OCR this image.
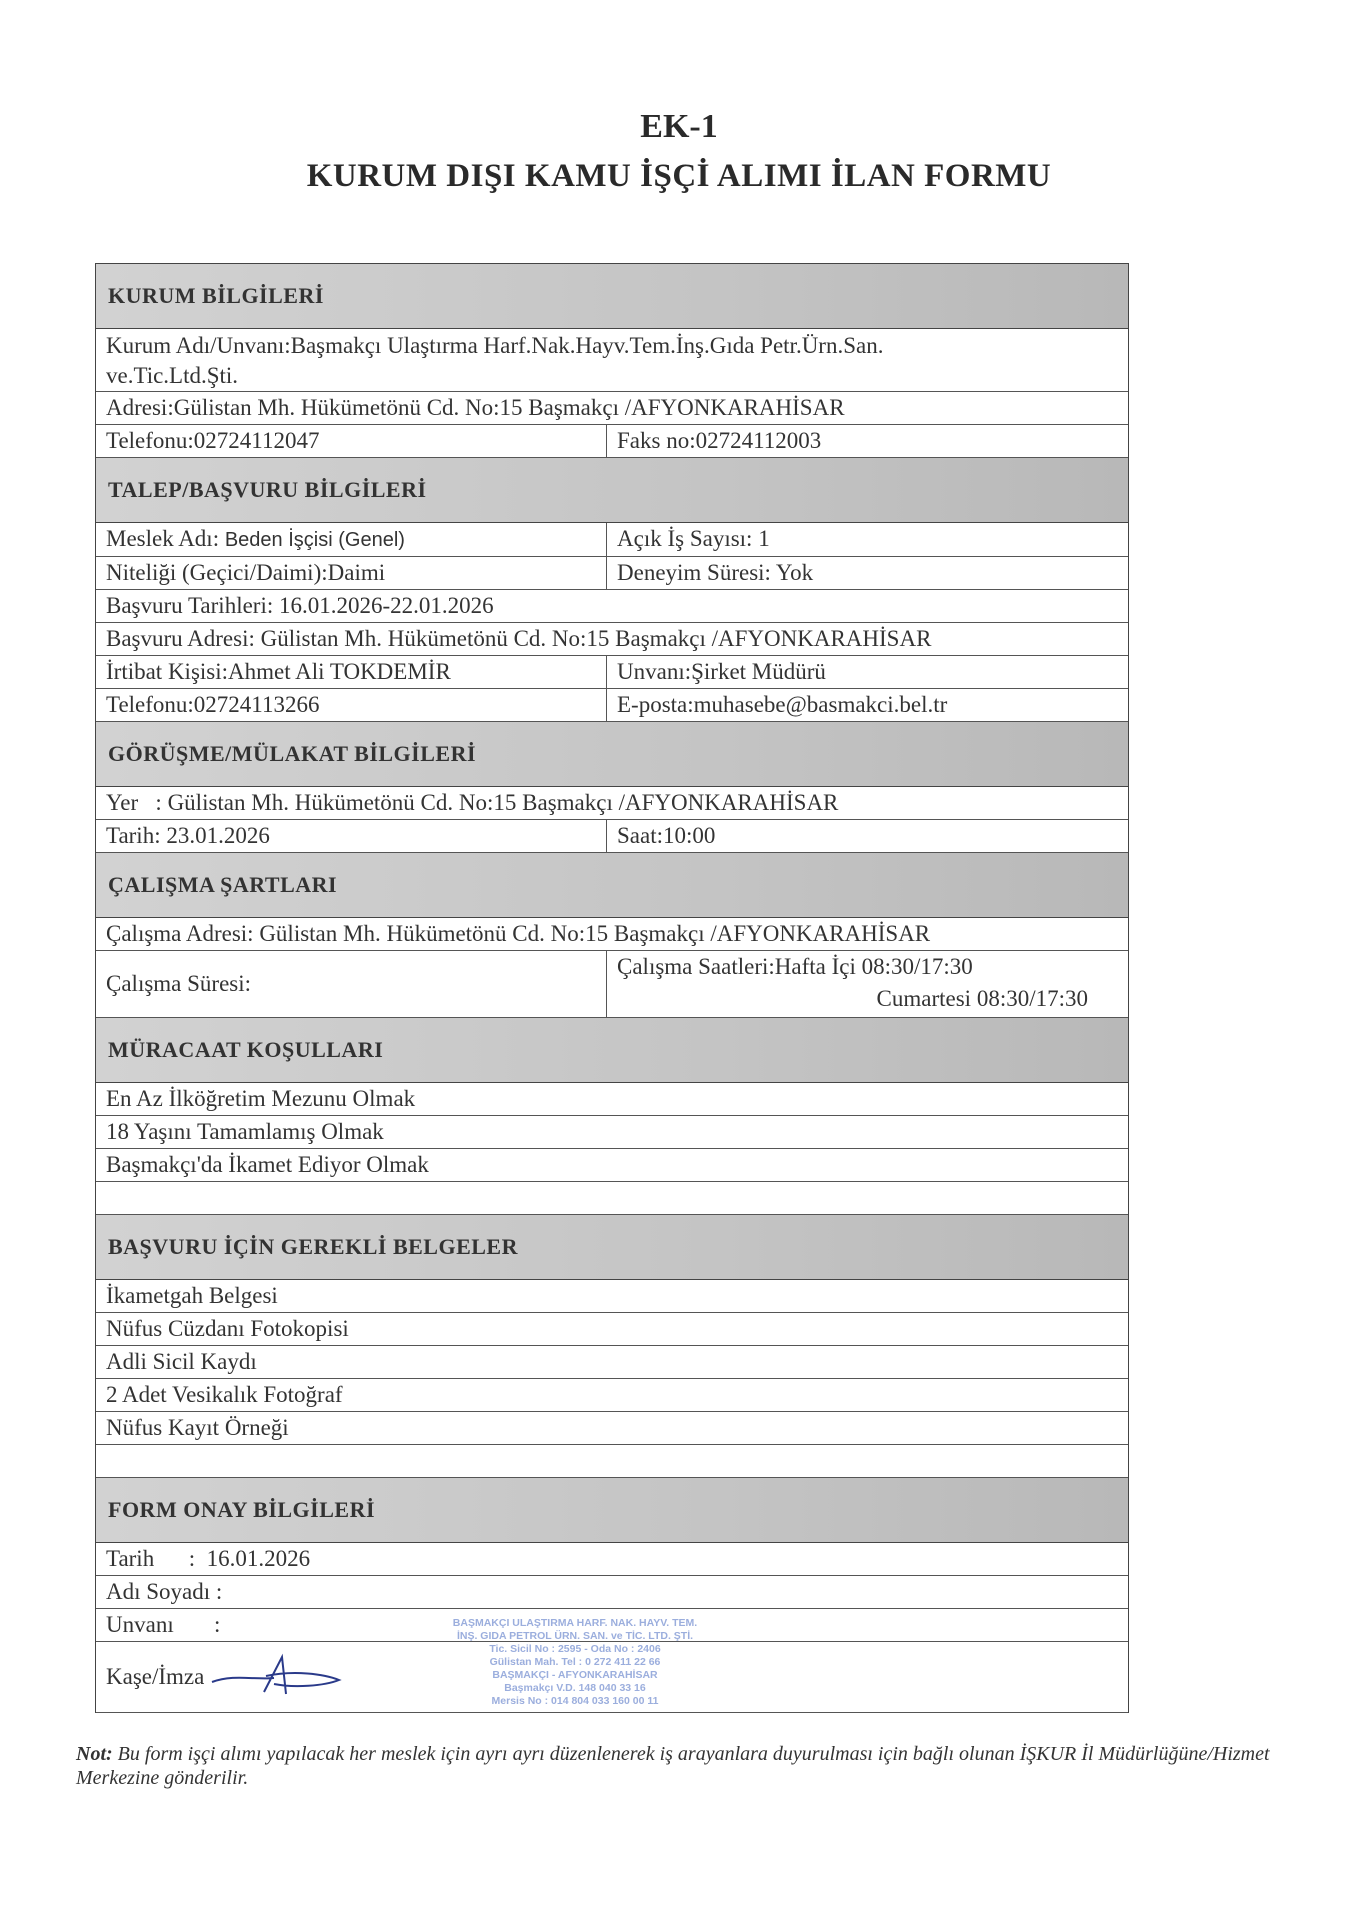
EK-1
KURUM DIŞI KAMU İŞÇİ ALIMI İLAN FORMU
KURUM BİLGİLERİ
Kurum Adı/Unvanı:Başmakçı Ulaştırma Harf.Nak.Hayv.Tem.İnş.Gıda Petr.Ürn.San.
ve.Tic.Ltd.Şti.
Adresi:Gülistan Mh. Hükümetönü Cd. No:15 Başmakçı /AFYONKARAHİSAR
Telefonu:02724112047	Faks no:02724112003
TALEP/BAŞVURU BİLGİLERİ
Meslek Adı: Beden İşçisi (Genel)	Açık İş Sayısı: 1
Niteliği (Geçici/Daimi):Daimi	Deneyim Süresi: Yok
Başvuru Tarihleri: 16.01.2026-22.01.2026
Başvuru Adresi: Gülistan Mh. Hükümetönü Cd. No:15 Başmakçı /AFYONKARAHİSAR
İrtibat Kişisi:Ahmet Ali TOKDEMİR	Unvanı:Şirket Müdürü
Telefonu:02724113266	E-posta:muhasebe@basmakci.bel.tr
GÖRÜŞME/MÜLAKAT BİLGİLERİ
Yer   : Gülistan Mh. Hükümetönü Cd. No:15 Başmakçı /AFYONKARAHİSAR
Tarih: 23.01.2026	Saat:10:00
ÇALIŞMA ŞARTLARI
Çalışma Adresi: Gülistan Mh. Hükümetönü Cd. No:15 Başmakçı /AFYONKARAHİSAR
Çalışma Süresi:
Çalışma Saatleri:Hafta İçi 08:30/17:30
Cumartesi 08:30/17:30
MÜRACAAT KOŞULLARI
En Az İlköğretim Mezunu Olmak
18 Yaşını Tamamlamış Olmak
Başmakçı'da İkamet Ediyor Olmak
BAŞVURU İÇİN GEREKLİ BELGELER
İkametgah Belgesi
Nüfus Cüzdanı Fotokopisi
Adli Sicil Kaydı
2 Adet Vesikalık Fotoğraf
Nüfus Kayıt Örneği
FORM ONAY BİLGİLERİ
Tarih      :  16.01.2026
Adı Soyadı :
Unvanı       :
Kaşe/İmza
BAŞMAKÇI ULAŞTIRMA HARF. NAK. HAYV. TEM.
İNŞ. GIDA PETROL ÜRN. SAN. ve TİC. LTD. ŞTİ.
Tic. Sicil No : 2595 - Oda No : 2406
Gülistan Mah. Tel : 0 272 411 22 66
BAŞMAKÇI - AFYONKARAHİSAR
Başmakçı V.D. 148 040 33 16
Mersis No : 014 804 033 160 00 11
Not: Bu form işçi alımı yapılacak her meslek için ayrı ayrı düzenlenerek iş arayanlara duyurulması için bağlı olunan İŞKUR İl Müdürlüğüne/Hizmet Merkezine gönderilir.
